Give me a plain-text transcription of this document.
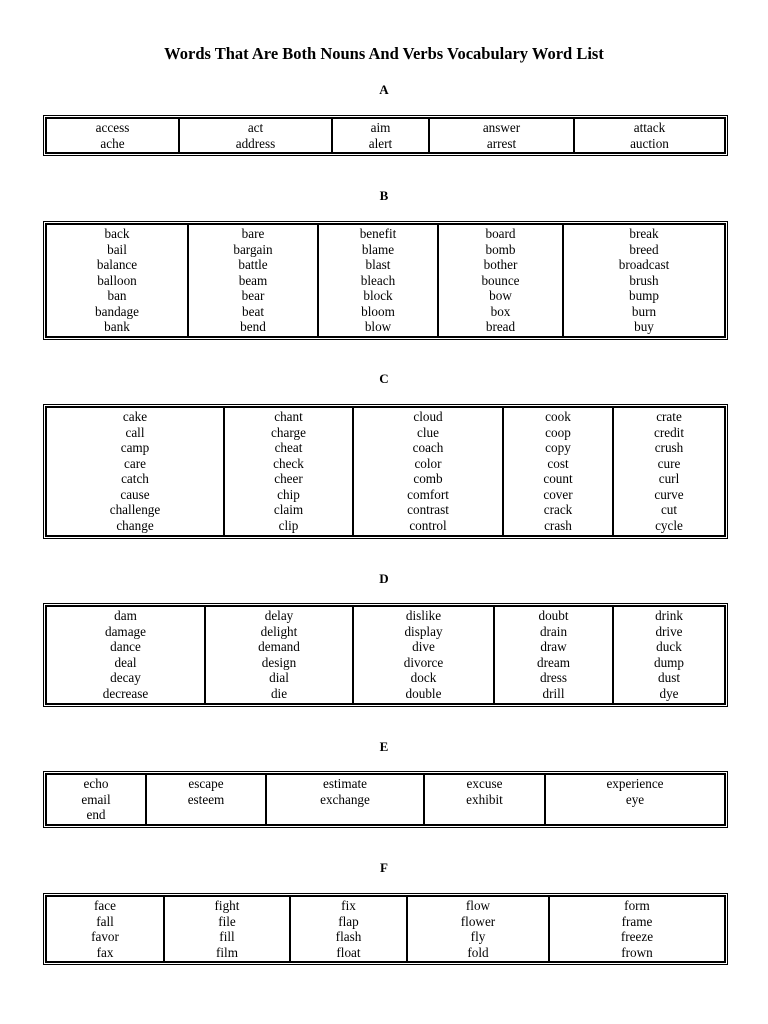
Words That Are Both Nouns And Verbs Vocabulary Word List
A
access
ache

act
address

aim
alert

answer
arrest

attack
auction
B
back
bail
balance
balloon
ban
bandage
bank

bare
bargain
battle
beam
bear
beat
bend

benefit
blame
blast
bleach
block
bloom
blow

board
bomb
bother
bounce
bow
box
bread

break
breed
broadcast
brush
bump
burn
buy
C
cake
call
camp
care
catch
cause
challenge
change

chant
charge
cheat
check
cheer
chip
claim
clip

cloud
clue
coach
color
comb
comfort
contrast
control

cook
coop
copy
cost
count
cover
crack
crash

crate
credit
crush
cure
curl
curve
cut
cycle
D
dam
damage
dance
deal
decay
decrease

delay
delight
demand
design
dial
die

dislike
display
dive
divorce
dock
double

doubt
drain
draw
dream
dress
drill

drink
drive
duck
dump
dust
dye
E
echo
email
end

escape
esteem

estimate
exchange

excuse
exhibit

experience
eye
F
face
fall
favor
fax

fight
file
fill
film

fix
flap
flash
float

flow
flower
fly
fold

form
frame
freeze
frown
